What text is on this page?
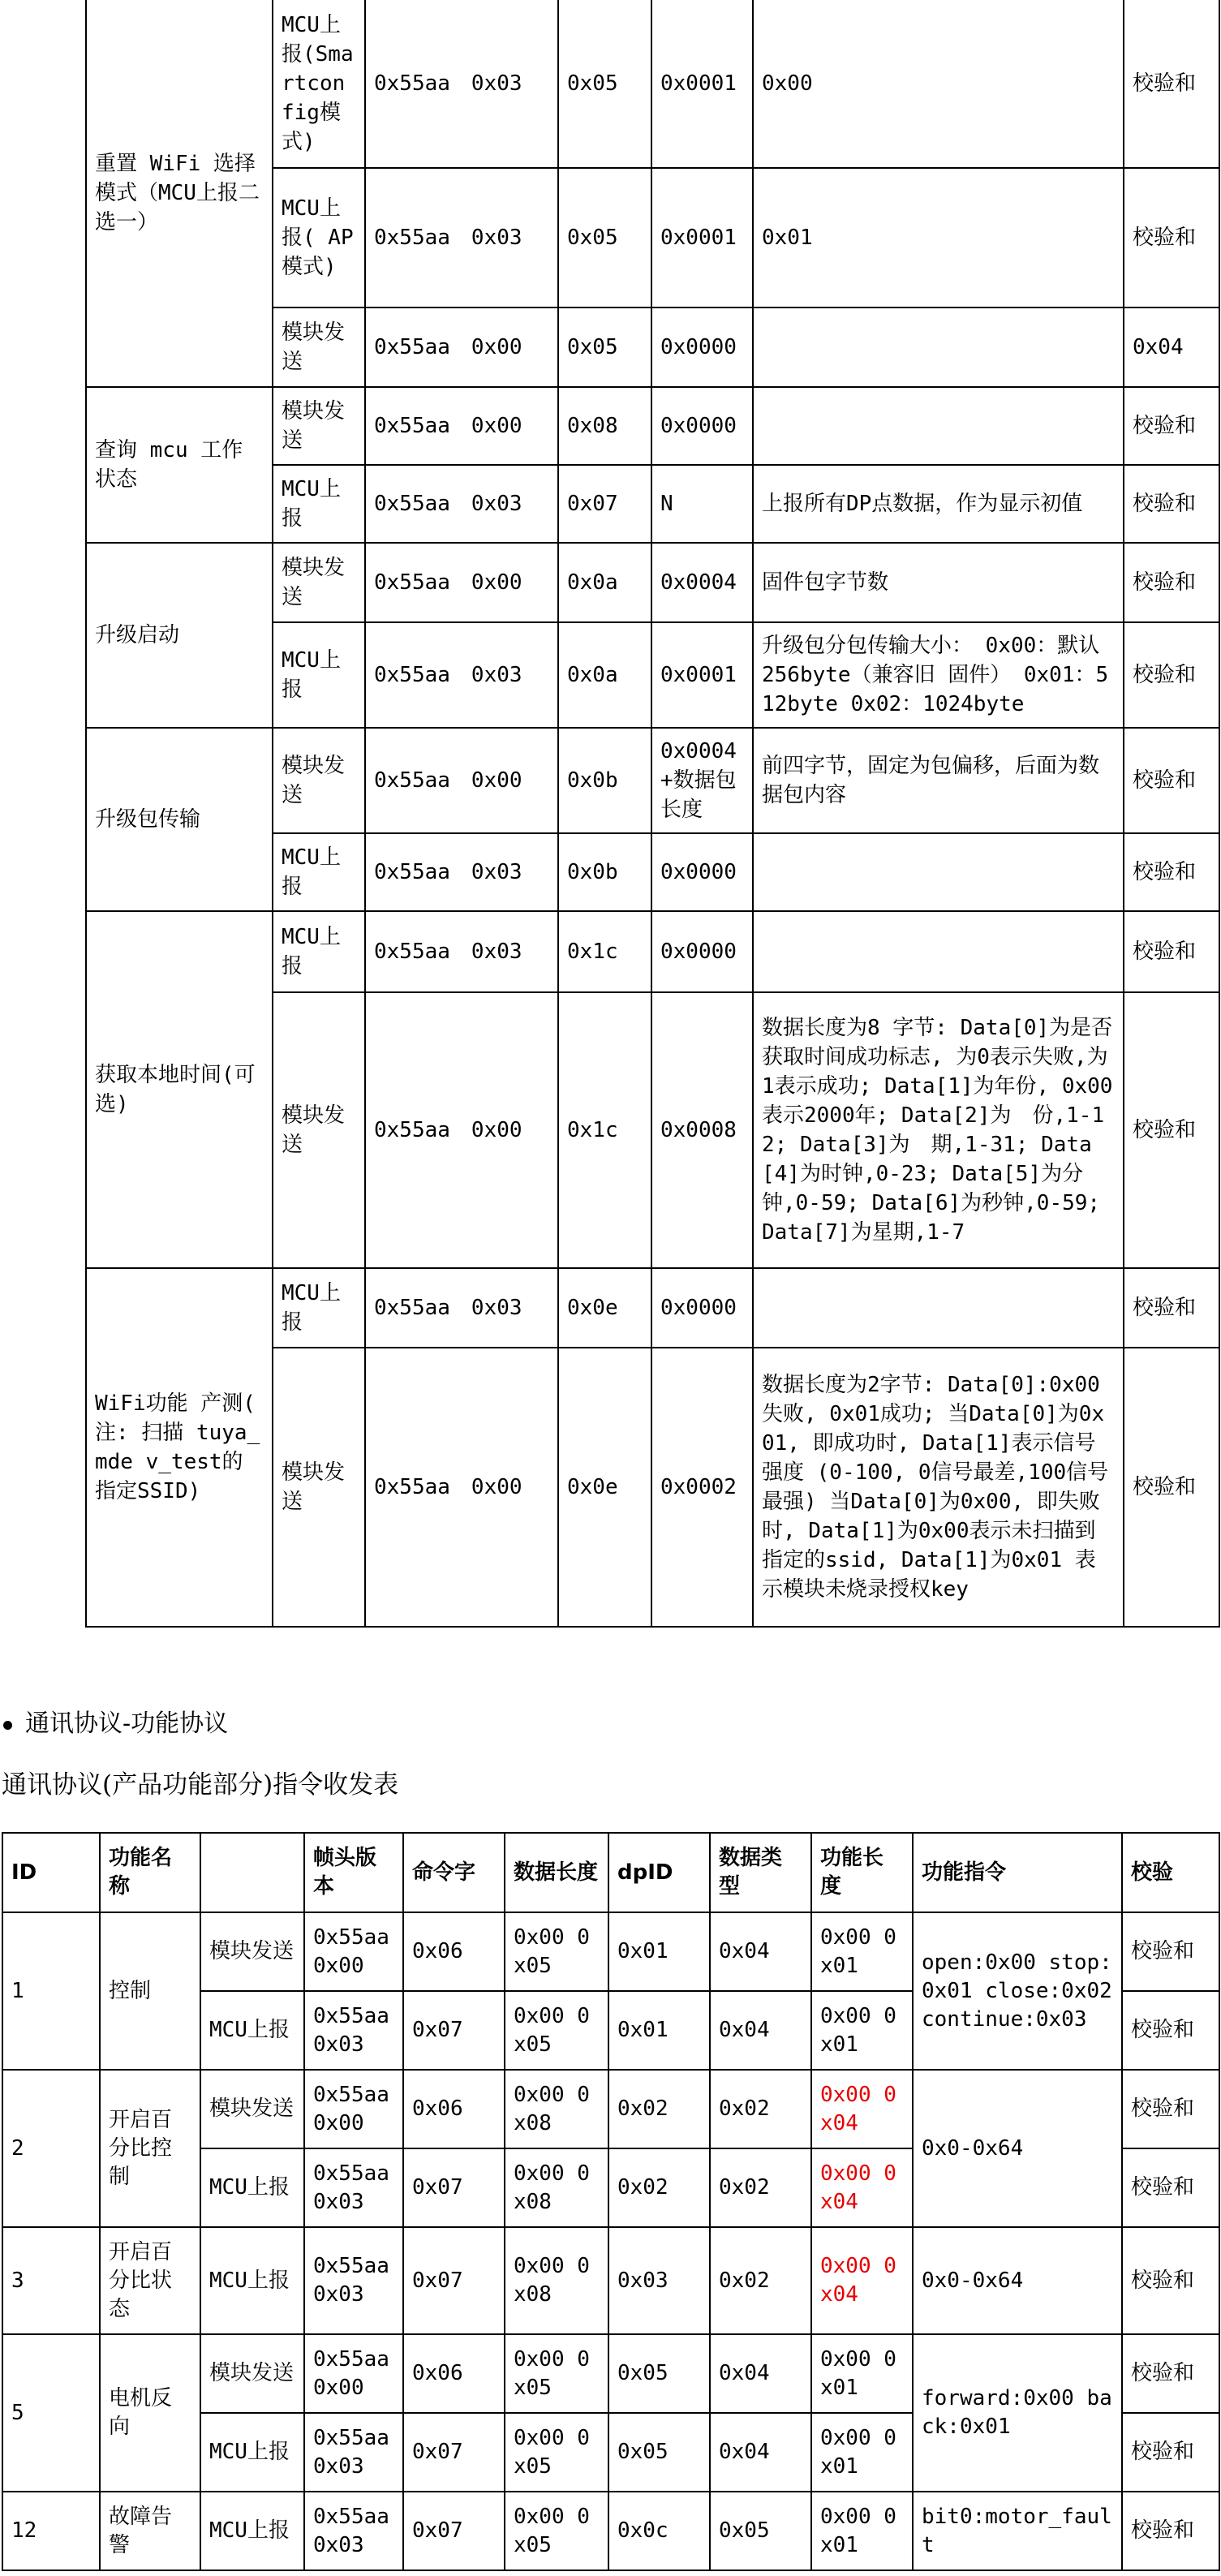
重置 WiFi 选择模式（MCU上报二选一）	MCU上报(Smartconfig模式)	0x55aa　0x03	0x05	0x0001	0x00	校验和
	MCU上报( AP 模式)	0x55aa　0x03	0x05	0x0001	0x01	校验和
	模块发送	0x55aa　0x00	0x05	0x0000		0x04
查询 mcu 工作状态	模块发送	0x55aa　0x00	0x08	0x0000		校验和
	MCU上报	0x55aa　0x03	0x07	N	上报所有DP点数据，作为显示初值	校验和
升级启动	模块发送	0x55aa　0x00	0x0a	0x0004	固件包字节数	校验和
	MCU上报	0x55aa　0x03	0x0a	0x0001	升级包分包传输大小： 0x00：默认 256byte（兼容旧 固件） 0x01：512byte 0x02：1024byte	校验和
升级包传输	模块发送	0x55aa　0x00	0x0b	0x0004+数据包长度	前四字节，固定为包偏移，后面为数据包内容	校验和
	MCU上报	0x55aa　0x03	0x0b	0x0000		校验和
获取本地时间(可选)	MCU上报	0x55aa　0x03	0x1c	0x0000		校验和
	模块发送	0x55aa　0x00	0x1c	0x0008	数据长度为8 字节: Data[0]为是否获取时间成功标志, 为0表示失败,为1表示成功; Data[1]为年份, 0x00表示2000年; Data[2]为　份,1-12; Data[3]为　期,1-31; Data[4]为时钟,0-23; Data[5]为分钟,0-59; Data[6]为秒钟,0-59; Data[7]为星期,1-7	校验和
WiFi功能 产测( 注: 扫描 tuya_mde v_test的 指定SSID)	MCU上报	0x55aa　0x03	0x0e	0x0000		校验和
	模块发送	0x55aa　0x00	0x0e	0x0002	数据长度为2字节: Data[0]:0x00失败, 0x01成功; 当Data[0]为0x01, 即成功时, Data[1]表示信号强度 (0-100, 0信号最差,100信号最强) 当Data[0]为0x00, 即失败时, Data[1]为0x00表示未扫描到指定的ssid, Data[1]为0x01 表示模块未烧录授权key	校验和
通讯协议-功能协议
通讯协议(产品功能部分)指令收发表
ID	功能名称		帧头版本	命令字	数据长度	dpID	数据类型	功能长度	功能指令	校验
1	控制	模块发送	0x55aa0x00	0x06	0x00 0x05	0x01	0x04	0x00 0x01	open:0x00 stop:0x01 close:0x02 continue:0x03	校验和
		MCU上报	0x55aa0x03	0x07	0x00 0x05	0x01	0x04	0x00 0x01		校验和
2	开启百分比控制	模块发送	0x55aa0x00	0x06	0x00 0x08	0x02	0x02	0x00 0x04	0x0-0x64	校验和
		MCU上报	0x55aa0x03	0x07	0x00 0x08	0x02	0x02	0x00 0x04		校验和
3	开启百分比状态	MCU上报	0x55aa0x03	0x07	0x00 0x08	0x03	0x02	0x00 0x04	0x0-0x64	校验和
5	电机反向	模块发送	0x55aa0x00	0x06	0x00 0x05	0x05	0x04	0x00 0x01	forward:0x00 back:0x01	校验和
		MCU上报	0x55aa0x03	0x07	0x00 0x05	0x05	0x04	0x00 0x01		校验和
12	故障告警	MCU上报	0x55aa0x03	0x07	0x00 0x05	0x0c	0x05	0x00 0x01	bit0:motor_fault	校验和
